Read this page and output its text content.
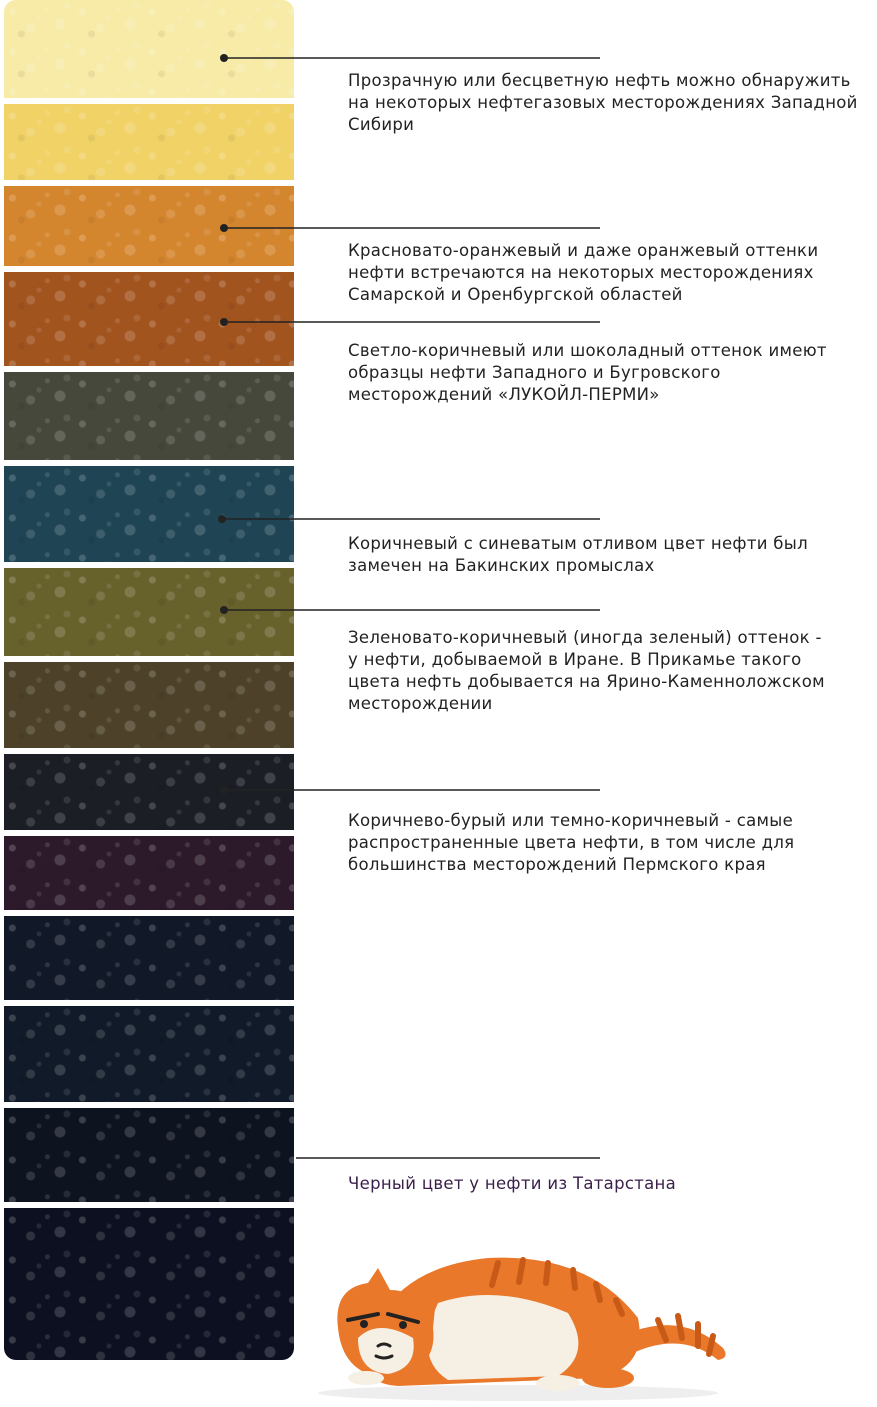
Прозрачную или бесцветную нефть можно обнаружить
на некоторых нефтегазовых месторождениях Западной
Сибири
Красновато-оранжевый и даже оранжевый оттенки
нефти встречаются на некоторых месторождениях
Самарской и Оренбургской областей
Светло-коричневый или шоколадный оттенок имеют
образцы нефти Западного и Бугровского
месторождений «ЛУКОЙЛ-ПЕРМИ»
Коричневый с синеватым отливом цвет нефти был
замечен на Бакинских промыслах
Зеленовато-коричневый (иногда зеленый) оттенок -
у нефти, добываемой в Иране. В Прикамье такого
цвета нефть добывается на Ярино-Каменноложском
месторождении
Коричнево-бурый или темно-коричневый - самые
распространенные цвета нефти, в том числе для
большинства месторождений Пермского края
Черный цвет у нефти из Татарстана
